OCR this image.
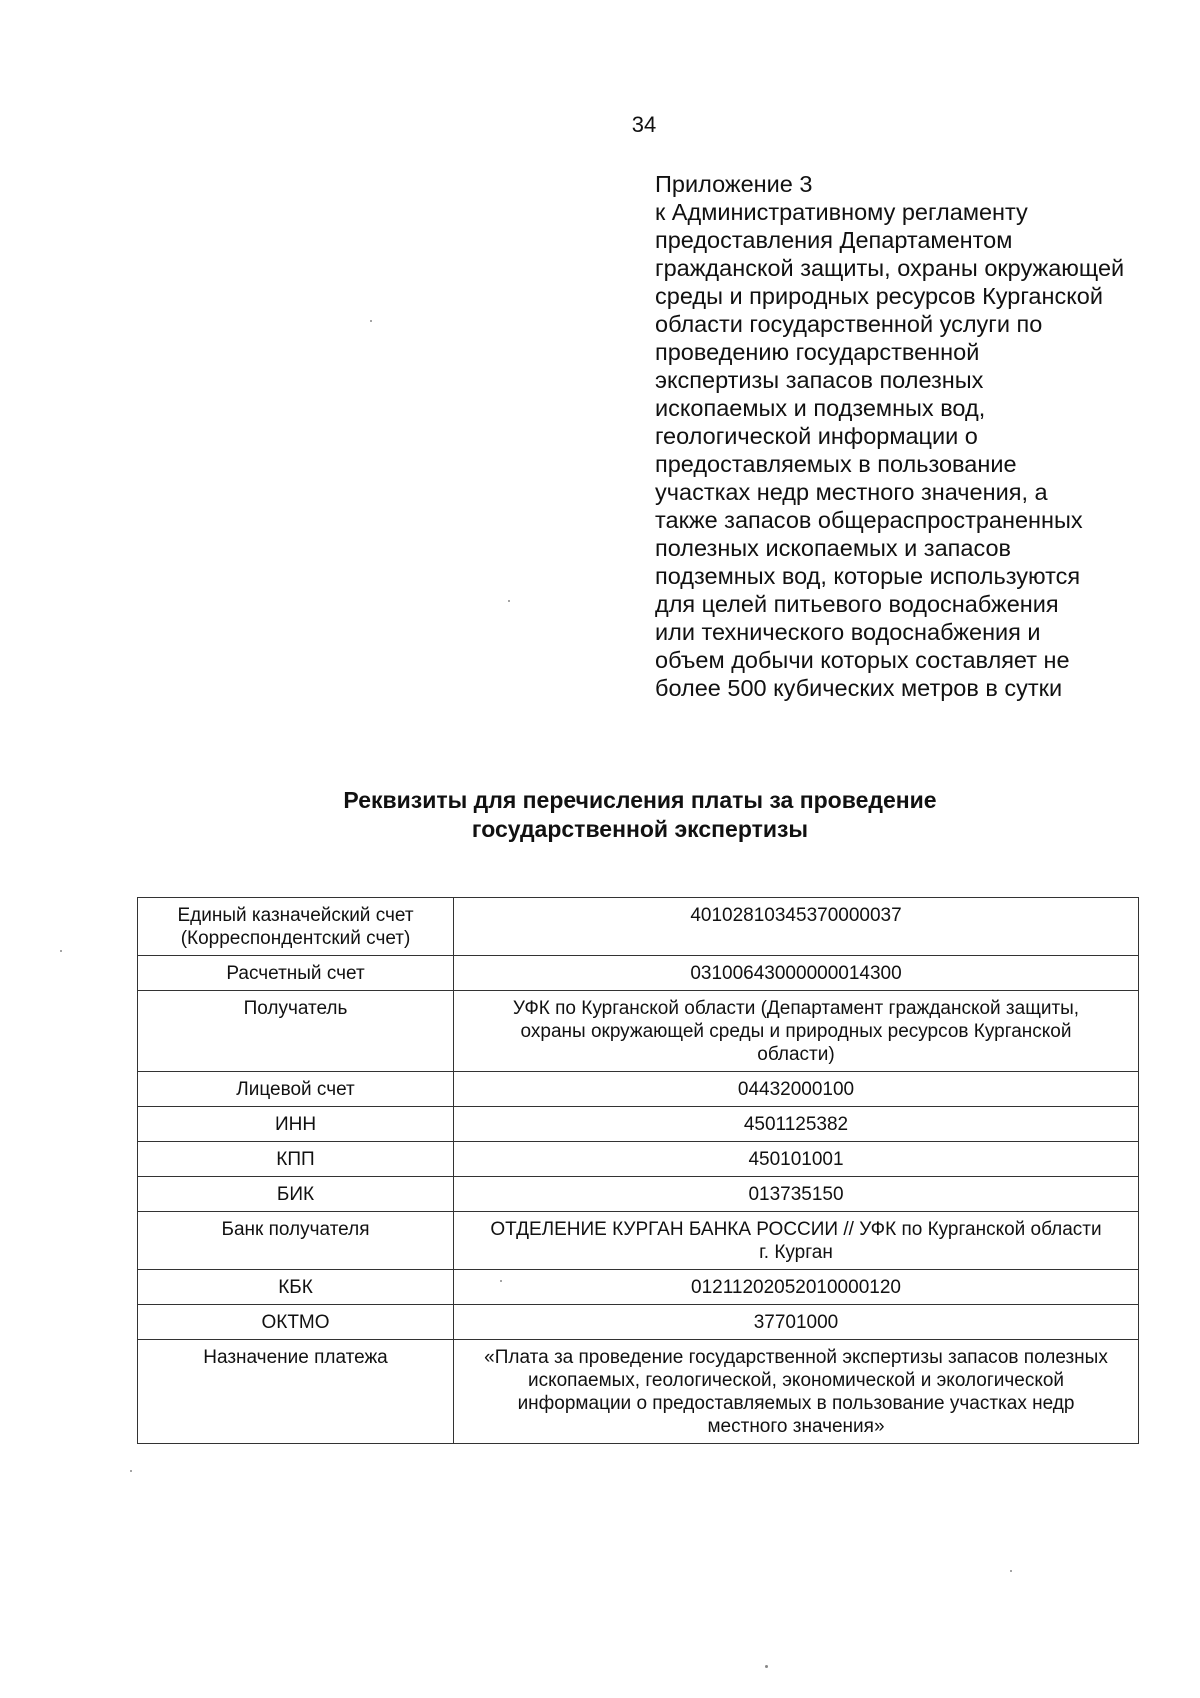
34
Приложение 3
к Административному регламенту
предоставления Департаментом
гражданской защиты, охраны окружающей
среды и природных ресурсов Курганской
области государственной услуги по
проведению государственной
экспертизы запасов полезных
ископаемых и подземных вод,
геологической информации о
предоставляемых в пользование
участках недр местного значения, а
также запасов общераспространенных
полезных ископаемых и запасов
подземных вод, которые используются
для целей питьевого водоснабжения
или технического водоснабжения и
объем добычи которых составляет не
более 500 кубических метров в сутки
Реквизиты для перечисления платы за проведение
государственной экспертизы
Единый казначейский счет
(Корреспондентский счет)	40102810345370000037

Расчетный счет	03100643000000014300

Получатель	УФК по Курганской области (Департамент гражданской защиты,
охраны окружающей среды и природных ресурсов Курганской
области)

Лицевой счет	04432000100

ИНН	4501125382

КПП	450101001

БИК	013735150

Банк получателя	ОТДЕЛЕНИЕ КУРГАН БАНКА РОССИИ // УФК по Курганской области
г. Курган

КБК	01211202052010000120

ОКТМО	37701000

Назначение платежа	«Плата за проведение государственной экспертизы запасов полезных
ископаемых, геологической, экономической и экологической
информации о предоставляемых в пользование участках недр
местного значения»
